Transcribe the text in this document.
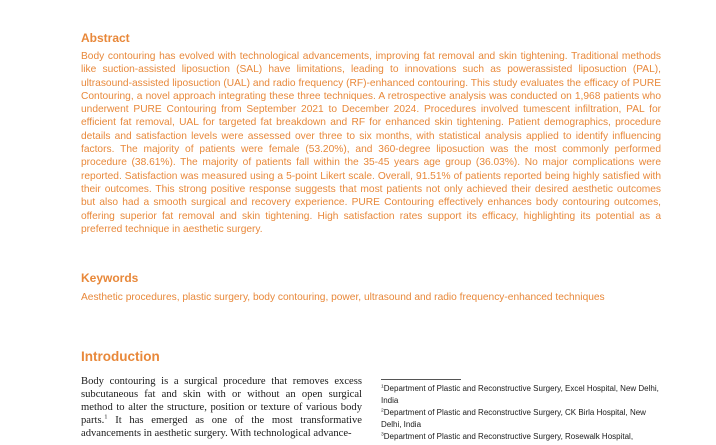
Abstract

Body contouring has evolved with technological advancements, improving fat removal and skin tightening. Traditional methods like suction-assisted liposuction (SAL) have limitations, leading to innovations such as powerassisted liposuction (PAL), ultrasound-assisted liposuction (UAL) and radio frequency (RF)-enhanced contouring. This study evaluates the efficacy of PURE Contouring, a novel approach integrating these three techniques. A retrospective analysis was conducted on 1,968 patients who underwent PURE Contouring from September 2021 to December 2024. Procedures involved tumescent infiltration, PAL for efficient fat removal, UAL for targeted fat breakdown and RF for enhanced skin tightening. Patient demographics, procedure details and satisfaction levels were assessed over three to six months, with statistical analysis applied to identify influencing factors. The majority of patients were female (53.20%), and 360-degree liposuction was the most commonly performed procedure (38.61%). The majority of patients fall within the 35-45 years age group (36.03%). No major complications were reported. Satisfaction was measured using a 5-point Likert scale. Overall, 91.51% of patients reported being highly satisfied with their outcomes. This strong positive response suggests that most patients not only achieved their desired aesthetic outcomes but also had a smooth surgical and recovery experience. PURE Contouring effectively enhances body contouring outcomes, offering superior fat removal and skin tightening. High satisfaction rates support its efficacy, highlighting its potential as a preferred technique in aesthetic surgery.

Keywords

Aesthetic procedures, plastic surgery, body contouring, power, ultrasound and radio frequency-enhanced techniques

Introduction

Body contouring is a surgical procedure that removes excess subcutaneous fat and skin with or without an open surgical method to alter the structure, position or texture of various body parts.$^1$ It has emerged as one of the most transformative advancements in aesthetic surgery. With technological advance-

$^1$Department of Plastic and Reconstructive Surgery, Excel Hospital, New Delhi, India

$^2$Department of Plastic and Reconstructive Surgery, CK Birla Hospital, New Delhi, India

$^3$Department of Plastic and Reconstructive Surgery, Rosewalk Hospital,
